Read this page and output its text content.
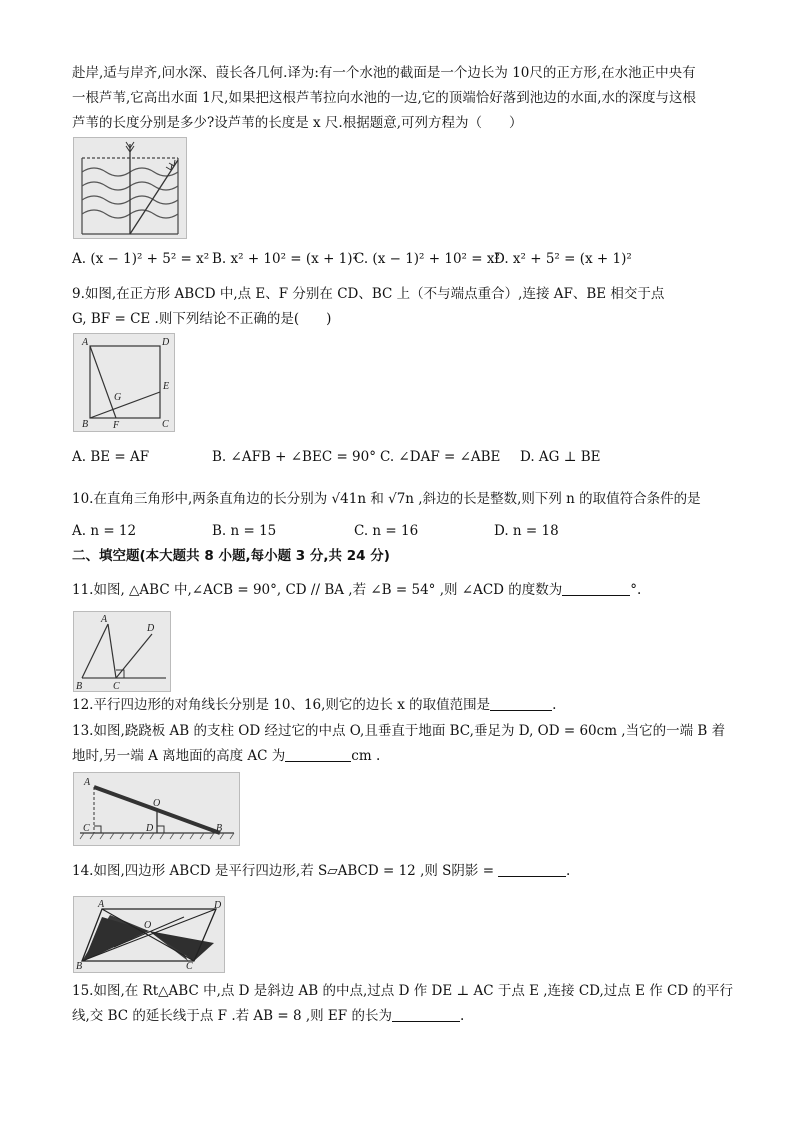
赴岸,适与岸齐,问水深、葭长各几何.译为:有一个水池的截面是一个边长为 10尺的正方形,在水池正中央有
一根芦苇,它高出水面 1尺,如果把这根芦苇拉向水池的一边,它的顶端恰好落到池边的水面,水的深度与这根
芦苇的长度分别是多少?设芦苇的长度是 x 尺.根据题意,可列方程为（　　）
A. (x − 1)² + 5² = x² B. x² + 10² = (x + 1)²
C. (x − 1)² + 10² = x²
D. x² + 5² = (x + 1)²
9.如图,在正方形 ABCD 中,点 E、F 分别在 CD、BC 上（不与端点重合）,连接 AF、BE 相交于点
G, BF = CE .则下列结论不正确的是(　　)
A	D
E
G
B F	C
A. BE = AF	B. ∠AFB + ∠BEC = 90° C. ∠DAF = ∠ABE D. AG ⊥ BE
10.在直角三角形中,两条直角边的长分别为 √41n 和 √7n ,斜边的长是整数,则下列 n 的取值符合条件的是
A. n = 12	B. n = 15	C. n = 16	D. n = 18
二、填空题(本大题共 8 小题,每小题 3 分,共 24 分)
11.如图, △ABC 中,∠ACB = 90°, CD // BA ,若 ∠B = 54° ,则 ∠ACD 的度数为	°.
A
D
B	C
12.平行四边形的对角线长分别是 10、16,则它的边长 x 的取值范围是	.
13.如图,跷跷板 AB 的支柱 OD 经过它的中点 O,且垂直于地面 BC,垂足为 D, OD = 60cm ,当它的一端 B 着
地时,另一端 A 离地面的高度 AC 为	cm .
A
O
C	D	B
14.如图,四边形 ABCD 是平行四边形,若 S▱ABCD = 12 ,则 S阴影 =	.
A	D
O
B	C
15.如图,在 Rt△ABC 中,点 D 是斜边 AB 的中点,过点 D 作 DE ⊥ AC 于点 E ,连接 CD,过点 E 作 CD 的平行
线,交 BC 的延长线于点 F .若 AB = 8 ,则 EF 的长为	.
